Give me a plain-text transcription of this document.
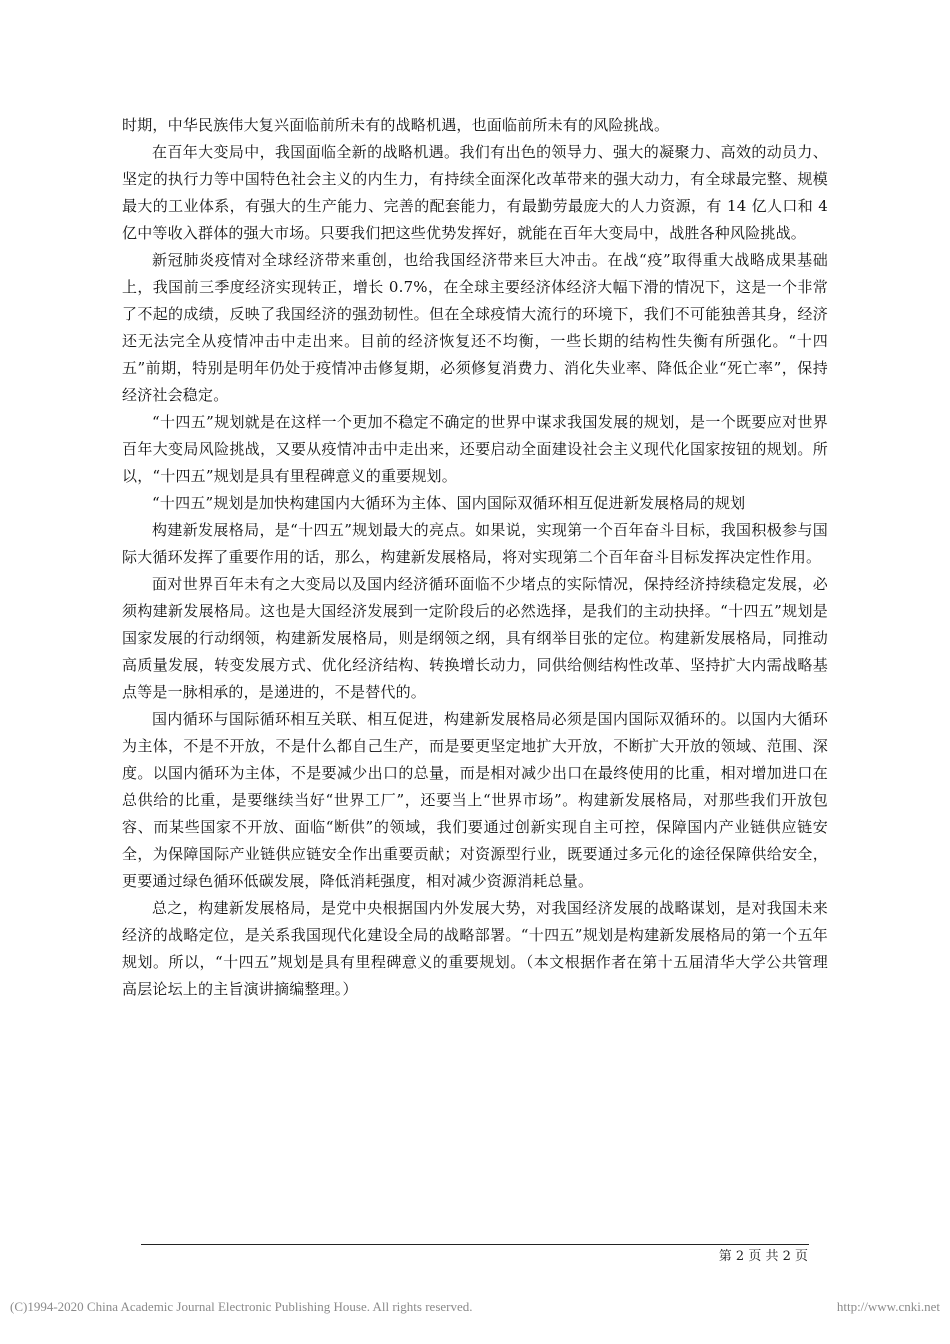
时期，中华民族伟大复兴面临前所未有的战略机遇，也面临前所未有的风险挑战。

在百年大变局中，我国面临全新的战略机遇。我们有出色的领导力、强大的凝聚力、高效的动员力、坚定的执行力等中国特色社会主义的内生力，有持续全面深化改革带来的强大动力，有全球最完整、规模最大的工业体系，有强大的生产能力、完善的配套能力，有最勤劳最庞大的人力资源，有 14 亿人口和 4 亿中等收入群体的强大市场。只要我们把这些优势发挥好，就能在百年大变局中，战胜各种风险挑战。

新冠肺炎疫情对全球经济带来重创，也给我国经济带来巨大冲击。在战“疫”取得重大战略成果基础上，我国前三季度经济实现转正，增长 0.7%，在全球主要经济体经济大幅下滑的情况下，这是一个非常了不起的成绩，反映了我国经济的强劲韧性。但在全球疫情大流行的环境下，我们不可能独善其身，经济还无法完全从疫情冲击中走出来。目前的经济恢复还不均衡，一些长期的结构性失衡有所强化。“十四五”前期，特别是明年仍处于疫情冲击修复期，必须修复消费力、消化失业率、降低企业“死亡率”，保持经济社会稳定。

“十四五”规划就是在这样一个更加不稳定不确定的世界中谋求我国发展的规划，是一个既要应对世界百年大变局风险挑战，又要从疫情冲击中走出来，还要启动全面建设社会主义现代化国家按钮的规划。所以，“十四五”规划是具有里程碑意义的重要规划。

“十四五”规划是加快构建国内大循环为主体、国内国际双循环相互促进新发展格局的规划

构建新发展格局，是“十四五”规划最大的亮点。如果说，实现第一个百年奋斗目标，我国积极参与国际大循环发挥了重要作用的话，那么，构建新发展格局，将对实现第二个百年奋斗目标发挥决定性作用。

面对世界百年未有之大变局以及国内经济循环面临不少堵点的实际情况，保持经济持续稳定发展，必须构建新发展格局。这也是大国经济发展到一定阶段后的必然选择，是我们的主动抉择。“十四五”规划是国家发展的行动纲领，构建新发展格局，则是纲领之纲，具有纲举目张的定位。构建新发展格局，同推动高质量发展，转变发展方式、优化经济结构、转换增长动力，同供给侧结构性改革、坚持扩大内需战略基点等是一脉相承的，是递进的，不是替代的。

国内循环与国际循环相互关联、相互促进，构建新发展格局必须是国内国际双循环的。以国内大循环为主体，不是不开放，不是什么都自己生产，而是要更坚定地扩大开放，不断扩大开放的领域、范围、深度。以国内循环为主体，不是要减少出口的总量，而是相对减少出口在最终使用的比重，相对增加进口在总供给的比重，是要继续当好“世界工厂”，还要当上“世界市场”。构建新发展格局，对那些我们开放包容、而某些国家不开放、面临“断供”的领域，我们要通过创新实现自主可控，保障国内产业链供应链安全，为保障国际产业链供应链安全作出重要贡献；对资源型行业，既要通过多元化的途径保障供给安全，更要通过绿色循环低碳发展，降低消耗强度，相对减少资源消耗总量。

总之，构建新发展格局，是党中央根据国内外发展大势，对我国经济发展的战略谋划，是对我国未来经济的战略定位，是关系我国现代化建设全局的战略部署。“十四五”规划是构建新发展格局的第一个五年规划。所以，“十四五”规划是具有里程碑意义的重要规划。（本文根据作者在第十五届清华大学公共管理高层论坛上的主旨演讲摘编整理。）

第 2 页 共 2 页
(C)1994-2020 China Academic Journal Electronic Publishing House. All rights reserved.	http://www.cnki.net
